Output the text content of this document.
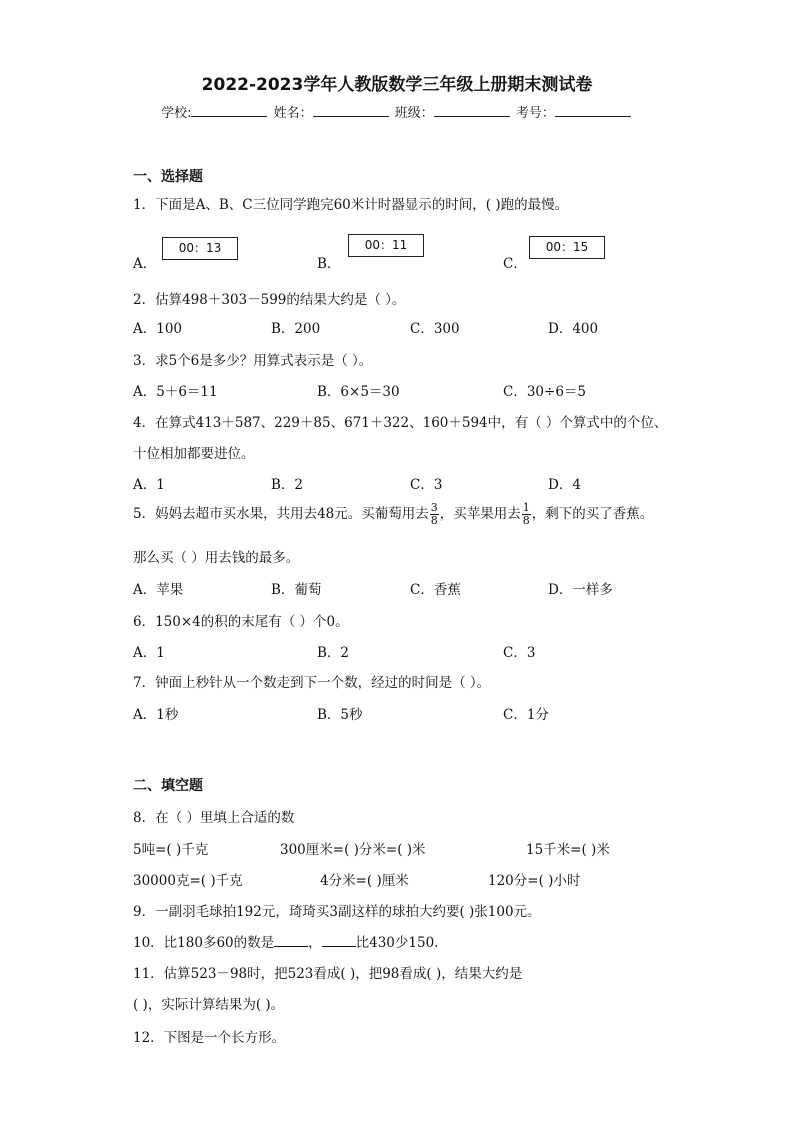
2022-2023学年人教版数学三年级上册期末测试卷
学校:	姓名：	班级：	考号：
一、选择题
1．下面是A、B、C三位同学跑完60米计时器显示的时间，( )跑的最慢。
A．
00：13
B．
00：11
C．
00：15
2．估算498＋303－599的结果大约是（ ）。
A．100	B．200	C．300	D．400
3．求5个6是多少？用算式表示是（ ）。
A．5＋6＝11	B．6×5＝30	C．30÷6＝5
4．在算式413＋587、229＋85、671＋322、160＋594中，有（ ）个算式中的个位、
十位相加都要进位。
A．1	B．2	C．3	D．4
5．妈妈去超市买水果，共用去48元。买葡萄用去 $\frac{3}{8}$ ，买苹果用去 $\frac{1}{8}$ ，剩下的买了香蕉。
那么买（ ）用去钱的最多。
A．苹果	B．葡萄	C．香蕉	D．一样多
6．150×4的积的末尾有（ ）个0。
A．1	B．2	C．3
7．钟面上秒针从一个数走到下一个数，经过的时间是（ ）。
A．1秒	B．5秒	C．1分
二、填空题
8．在（ ）里填上合适的数
5吨=( )千克	300厘米=( )分米=( )米	15千米=( )米
30000克=( )千克	4分米=( )厘米	120分=( )小时
9．一副羽毛球拍192元，琦琦买3副这样的球拍大约要( )张100元。
10．比180多60的数是	，	比430少150．
11．估算523－98时，把523看成( )，把98看成( )，结果大约是
( )，实际计算结果为( )。
12．下图是一个长方形。
